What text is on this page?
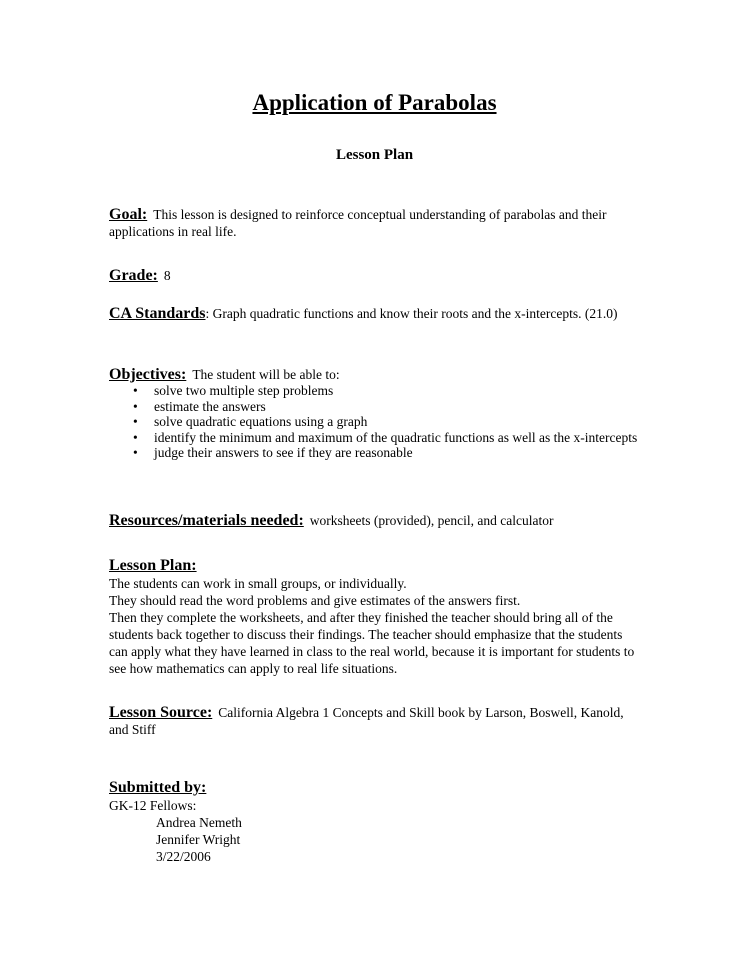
Application of Parabolas
Lesson Plan
Goal: This lesson is designed to reinforce conceptual understanding of parabolas and their applications in real life.
Grade: 8
CA Standards: Graph quadratic functions and know their roots and the x-intercepts. (21.0)
Objectives: The student will be able to:
• solve two multiple step problems
• estimate the answers
• solve quadratic equations using a graph
• identify the minimum and maximum of the quadratic functions as well as the x-intercepts
• judge their answers to see if they are reasonable
Resources/materials needed: worksheets (provided), pencil, and calculator
Lesson Plan:
The students can work in small groups, or individually.
They should read the word problems and give estimates of the answers first.
Then they complete the worksheets, and after they finished the teacher should bring all of the students back together to discuss their findings. The teacher should emphasize that the students can apply what they have learned in class to the real world, because it is important for students to see how mathematics can apply to real life situations.
Lesson Source: California Algebra 1 Concepts and Skill book by Larson, Boswell, Kanold, and Stiff
Submitted by:
GK-12 Fellows:
Andrea Nemeth
Jennifer Wright
3/22/2006
